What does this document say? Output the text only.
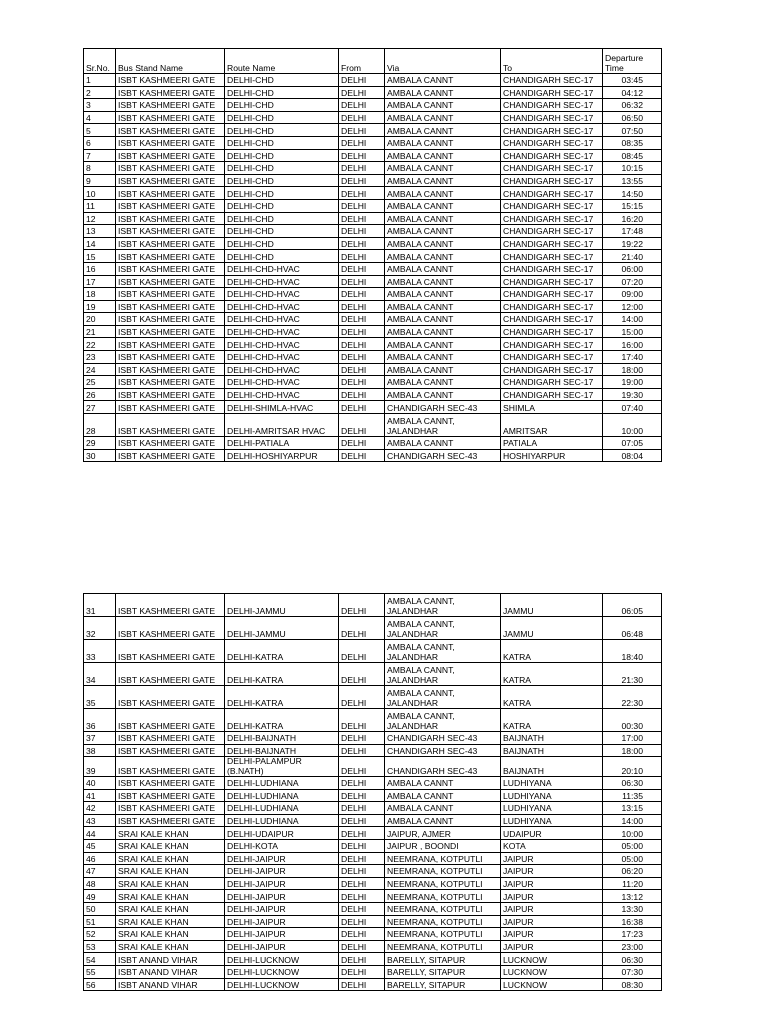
Sr.No.	Bus Stand Name	Route Name	From	Via	To	Departure
Time
1	ISBT KASHMEERI GATE	DELHI-CHD	DELHI	AMBALA CANNT	CHANDIGARH SEC-17	03:45
2	ISBT KASHMEERI GATE	DELHI-CHD	DELHI	AMBALA CANNT	CHANDIGARH SEC-17	04:12
3	ISBT KASHMEERI GATE	DELHI-CHD	DELHI	AMBALA CANNT	CHANDIGARH SEC-17	06:32
4	ISBT KASHMEERI GATE	DELHI-CHD	DELHI	AMBALA CANNT	CHANDIGARH SEC-17	06:50
5	ISBT KASHMEERI GATE	DELHI-CHD	DELHI	AMBALA CANNT	CHANDIGARH SEC-17	07:50
6	ISBT KASHMEERI GATE	DELHI-CHD	DELHI	AMBALA CANNT	CHANDIGARH SEC-17	08:35
7	ISBT KASHMEERI GATE	DELHI-CHD	DELHI	AMBALA CANNT	CHANDIGARH SEC-17	08:45
8	ISBT KASHMEERI GATE	DELHI-CHD	DELHI	AMBALA CANNT	CHANDIGARH SEC-17	10:15
9	ISBT KASHMEERI GATE	DELHI-CHD	DELHI	AMBALA CANNT	CHANDIGARH SEC-17	13:55
10	ISBT KASHMEERI GATE	DELHI-CHD	DELHI	AMBALA CANNT	CHANDIGARH SEC-17	14:50
11	ISBT KASHMEERI GATE	DELHI-CHD	DELHI	AMBALA CANNT	CHANDIGARH SEC-17	15:15
12	ISBT KASHMEERI GATE	DELHI-CHD	DELHI	AMBALA CANNT	CHANDIGARH SEC-17	16:20
13	ISBT KASHMEERI GATE	DELHI-CHD	DELHI	AMBALA CANNT	CHANDIGARH SEC-17	17:48
14	ISBT KASHMEERI GATE	DELHI-CHD	DELHI	AMBALA CANNT	CHANDIGARH SEC-17	19:22
15	ISBT KASHMEERI GATE	DELHI-CHD	DELHI	AMBALA CANNT	CHANDIGARH SEC-17	21:40
16	ISBT KASHMEERI GATE	DELHI-CHD-HVAC	DELHI	AMBALA CANNT	CHANDIGARH SEC-17	06:00
17	ISBT KASHMEERI GATE	DELHI-CHD-HVAC	DELHI	AMBALA CANNT	CHANDIGARH SEC-17	07:20
18	ISBT KASHMEERI GATE	DELHI-CHD-HVAC	DELHI	AMBALA CANNT	CHANDIGARH SEC-17	09:00
19	ISBT KASHMEERI GATE	DELHI-CHD-HVAC	DELHI	AMBALA CANNT	CHANDIGARH SEC-17	12:00
20	ISBT KASHMEERI GATE	DELHI-CHD-HVAC	DELHI	AMBALA CANNT	CHANDIGARH SEC-17	14:00
21	ISBT KASHMEERI GATE	DELHI-CHD-HVAC	DELHI	AMBALA CANNT	CHANDIGARH SEC-17	15:00
22	ISBT KASHMEERI GATE	DELHI-CHD-HVAC	DELHI	AMBALA CANNT	CHANDIGARH SEC-17	16:00
23	ISBT KASHMEERI GATE	DELHI-CHD-HVAC	DELHI	AMBALA CANNT	CHANDIGARH SEC-17	17:40
24	ISBT KASHMEERI GATE	DELHI-CHD-HVAC	DELHI	AMBALA CANNT	CHANDIGARH SEC-17	18:00
25	ISBT KASHMEERI GATE	DELHI-CHD-HVAC	DELHI	AMBALA CANNT	CHANDIGARH SEC-17	19:00
26	ISBT KASHMEERI GATE	DELHI-CHD-HVAC	DELHI	AMBALA CANNT	CHANDIGARH SEC-17	19:30
27	ISBT KASHMEERI GATE	DELHI-SHIMLA-HVAC	DELHI	CHANDIGARH SEC-43	SHIMLA	07:40
28	ISBT KASHMEERI GATE	DELHI-AMRITSAR HVAC	DELHI	AMBALA CANNT,
JALANDHAR	AMRITSAR	10:00
29	ISBT KASHMEERI GATE	DELHI-PATIALA	DELHI	AMBALA CANNT	PATIALA	07:05
30	ISBT KASHMEERI GATE	DELHI-HOSHIYARPUR	DELHI	CHANDIGARH SEC-43	HOSHIYARPUR	08:04
31	ISBT KASHMEERI GATE	DELHI-JAMMU	DELHI	AMBALA CANNT,
JALANDHAR	JAMMU	06:05
32	ISBT KASHMEERI GATE	DELHI-JAMMU	DELHI	AMBALA CANNT,
JALANDHAR	JAMMU	06:48
33	ISBT KASHMEERI GATE	DELHI-KATRA	DELHI	AMBALA CANNT,
JALANDHAR	KATRA	18:40
34	ISBT KASHMEERI GATE	DELHI-KATRA	DELHI	AMBALA CANNT,
JALANDHAR	KATRA	21:30
35	ISBT KASHMEERI GATE	DELHI-KATRA	DELHI	AMBALA CANNT,
JALANDHAR	KATRA	22:30
36	ISBT KASHMEERI GATE	DELHI-KATRA	DELHI	AMBALA CANNT,
JALANDHAR	KATRA	00:30
37	ISBT KASHMEERI GATE	DELHI-BAIJNATH	DELHI	CHANDIGARH SEC-43	BAIJNATH	17:00
38	ISBT KASHMEERI GATE	DELHI-BAIJNATH	DELHI	CHANDIGARH SEC-43	BAIJNATH	18:00
39	ISBT KASHMEERI GATE	DELHI-PALAMPUR (B.NATH)	DELHI	CHANDIGARH SEC-43	BAIJNATH	20:10
40	ISBT KASHMEERI GATE	DELHI-LUDHIANA	DELHI	AMBALA CANNT	LUDHIYANA	06:30
41	ISBT KASHMEERI GATE	DELHI-LUDHIANA	DELHI	AMBALA CANNT	LUDHIYANA	11:35
42	ISBT KASHMEERI GATE	DELHI-LUDHIANA	DELHI	AMBALA CANNT	LUDHIYANA	13:15
43	ISBT KASHMEERI GATE	DELHI-LUDHIANA	DELHI	AMBALA CANNT	LUDHIYANA	14:00
44	SRAI KALE KHAN	DELHI-UDAIPUR	DELHI	JAIPUR, AJMER	UDAIPUR	10:00
45	SRAI KALE KHAN	DELHI-KOTA	DELHI	JAIPUR , BOONDI	KOTA	05:00
46	SRAI KALE KHAN	DELHI-JAIPUR	DELHI	NEEMRANA, KOTPUTLI	JAIPUR	05:00
47	SRAI KALE KHAN	DELHI-JAIPUR	DELHI	NEEMRANA, KOTPUTLI	JAIPUR	06:20
48	SRAI KALE KHAN	DELHI-JAIPUR	DELHI	NEEMRANA, KOTPUTLI	JAIPUR	11:20
49	SRAI KALE KHAN	DELHI-JAIPUR	DELHI	NEEMRANA, KOTPUTLI	JAIPUR	13:12
50	SRAI KALE KHAN	DELHI-JAIPUR	DELHI	NEEMRANA, KOTPUTLI	JAIPUR	13:30
51	SRAI KALE KHAN	DELHI-JAIPUR	DELHI	NEEMRANA, KOTPUTLI	JAIPUR	16:38
52	SRAI KALE KHAN	DELHI-JAIPUR	DELHI	NEEMRANA, KOTPUTLI	JAIPUR	17:23
53	SRAI KALE KHAN	DELHI-JAIPUR	DELHI	NEEMRANA, KOTPUTLI	JAIPUR	23:00
54	ISBT ANAND VIHAR	DELHI-LUCKNOW	DELHI	BARELLY, SITAPUR	LUCKNOW	06:30
55	ISBT ANAND VIHAR	DELHI-LUCKNOW	DELHI	BARELLY, SITAPUR	LUCKNOW	07:30
56	ISBT ANAND VIHAR	DELHI-LUCKNOW	DELHI	BARELLY, SITAPUR	LUCKNOW	08:30
